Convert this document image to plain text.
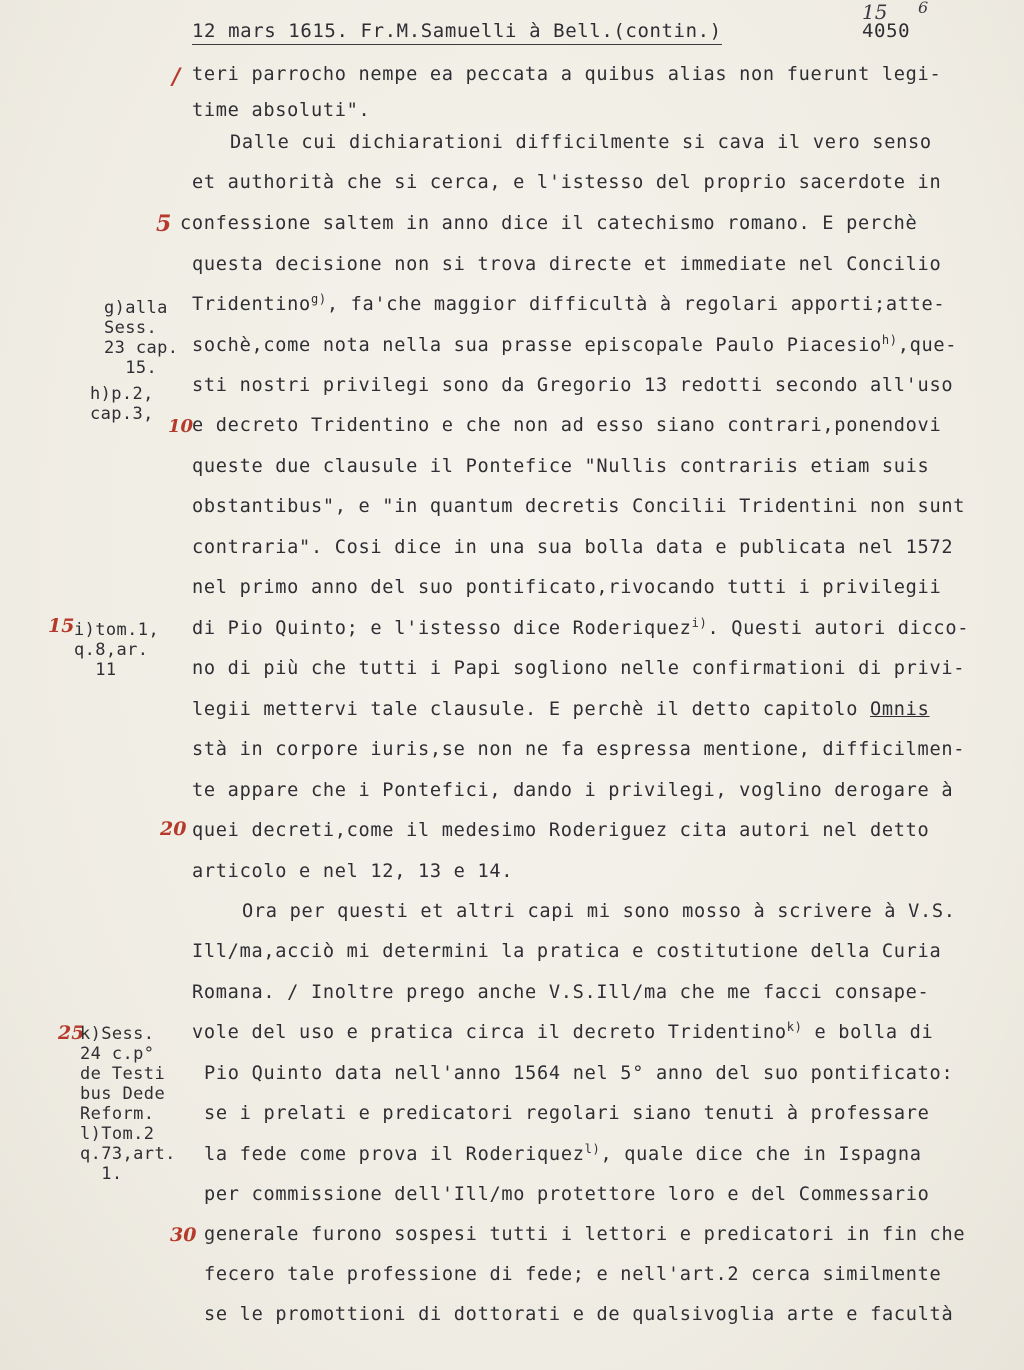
12 mars 1615. Fr.M.Samuelli à Bell.(contin.)
15 6
4050
/
5
10
15
20
25
30
g)alla
Sess.
23 cap.
15.
h)p.2,
cap.3,
i)tom.1,
q.8,ar.
11
k)Sess.
24 c.p°
de Testi
bus Dede
Reform.
l)Tom.2
q.73,art.
1.
teri parrocho nempe ea peccata a quibus alias non fuerunt legi-
time absoluti".
Dalle cui dichiarationi difficilmente si cava il vero senso
et authorità che si cerca, e l'istesso del proprio sacerdote in
confessione saltem in anno dice il catechismo romano. E perchè
questa decisione non si trova directe et immediate nel Concilio
Tridentino$^{g)}$, fa'che maggior difficultà à regolari apporti;atte-
sochè,come nota nella sua prasse episcopale Paulo Piacesio$^{h)}$,que-
sti nostri privilegi sono da Gregorio 13 redotti secondo all'uso
e decreto Tridentino e che non ad esso siano contrari,ponendovi
queste due clausule il Pontefice "Nullis contrariis etiam suis
obstantibus", e "in quantum decretis Concilii Tridentini non sunt
contraria". Cosi dice in una sua bolla data e publicata nel 1572
nel primo anno del suo pontificato,rivocando tutti i privilegii
di Pio Quinto; e l'istesso dice Roderiquez$^{i)}$. Questi autori dicco-
no di più che tutti i Papi sogliono nelle confirmationi di privi-
legii mettervi tale clausule. E perchè il detto capitolo Omnis
stà in corpore iuris,se non ne fa espressa mentione, difficilmen-
te appare che i Pontefici, dando i privilegi, voglino derogare à
quei decreti,come il medesimo Roderiguez cita autori nel detto
articolo e nel 12, 13 e 14.
Ora per questi et altri capi mi sono mosso à scrivere à V.S.
Ill/ma,acciò mi determini la pratica e costitutione della Curia
Romana. / Inoltre prego anche V.S.Ill/ma che me facci consape-
vole del uso e pratica circa il decreto Tridentino$^{k)}$ e bolla di
Pio Quinto data nell'anno 1564 nel 5° anno del suo pontificato:
se i prelati e predicatori regolari siano tenuti à professare
la fede come prova il Roderiquez$^{l)}$, quale dice che in Ispagna
per commissione dell'Ill/mo protettore loro e del Commessario
generale furono sospesi tutti i lettori e predicatori in fin che
fecero tale professione di fede; e nell'art.2 cerca similmente
se le promottioni di dottorati e de qualsivoglia arte e facultà
